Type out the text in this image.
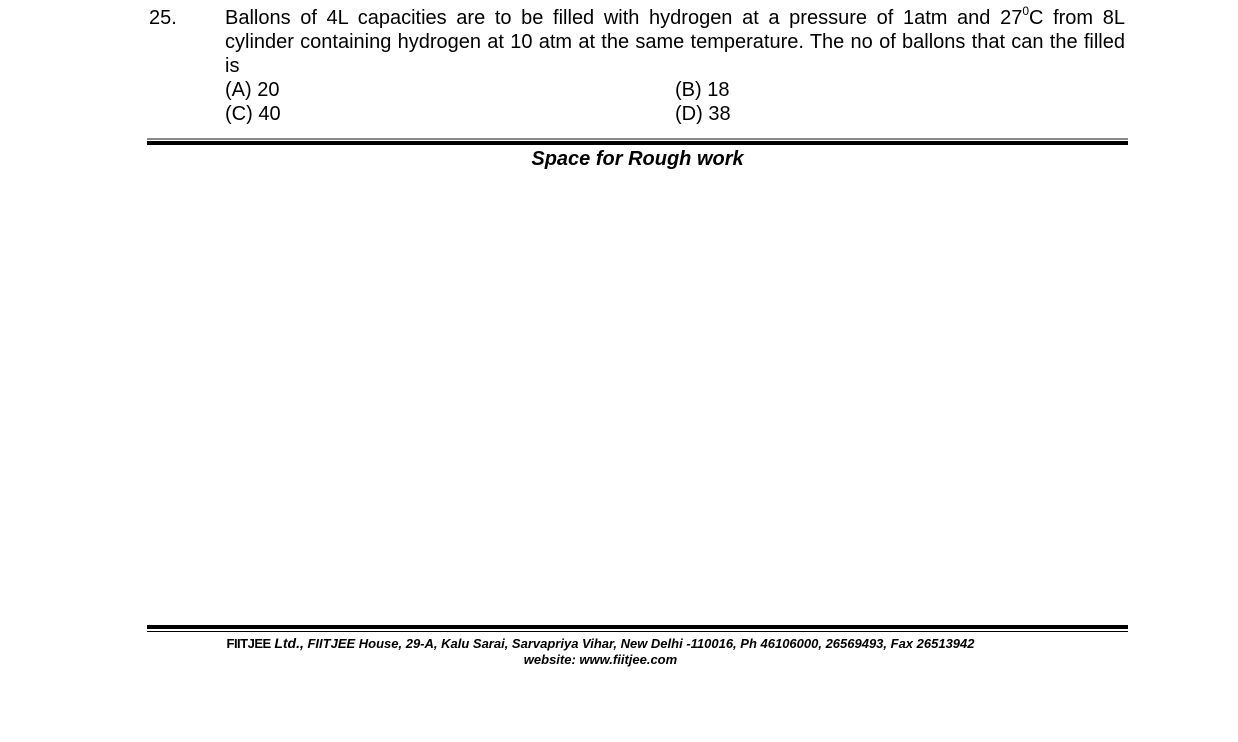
25. Ballons of 4L capacities are to be filled with hydrogen at a pressure of 1atm and $27^0C$ from 8L cylinder containing hydrogen at 10 atm at the same temperature. The no of ballons that can the filled is

(A) 20	(B) 18
(C) 40	(D) 38
Space for Rough work
FIITJEE Ltd., FIITJEE House, 29-A, Kalu Sarai, Sarvapriya Vihar, New Delhi -110016, Ph 46106000, 26569493, Fax 26513942
website: www.fiitjee.com
